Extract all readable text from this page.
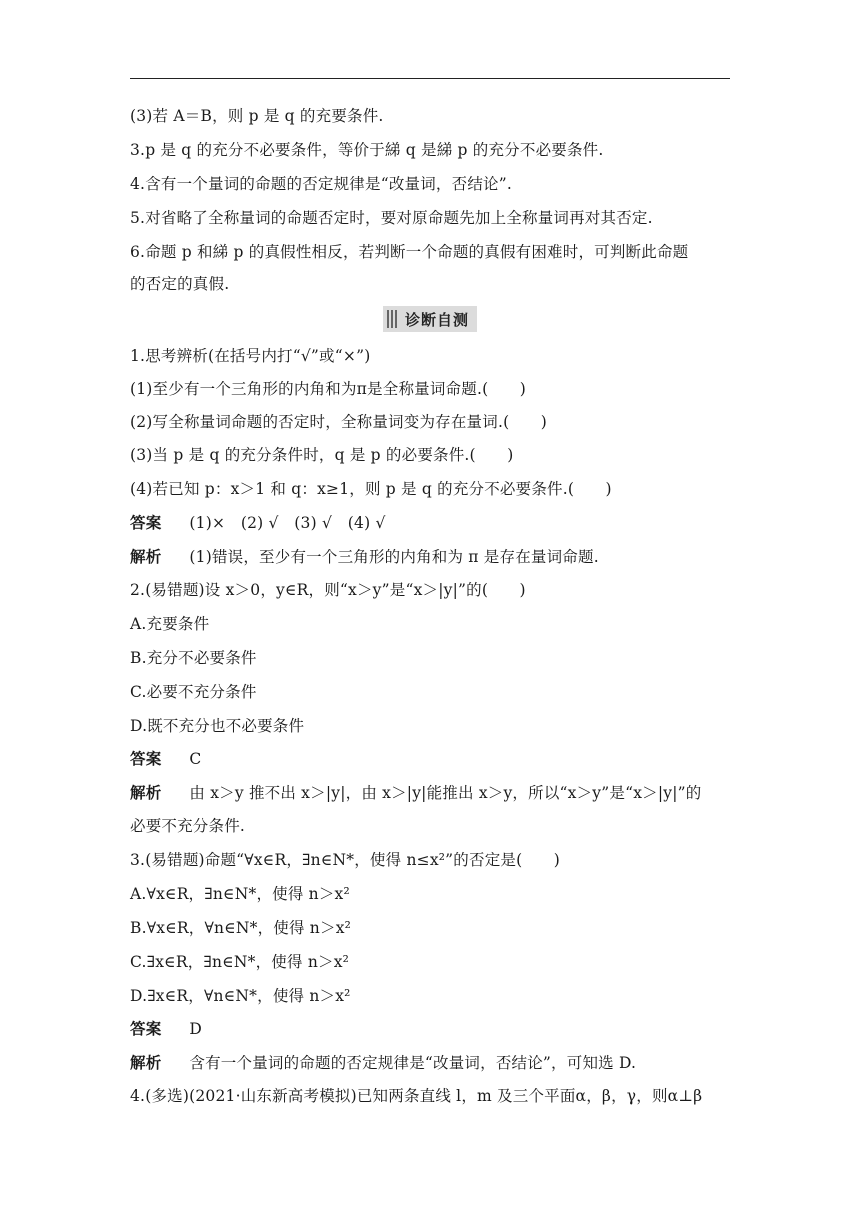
(3)若 A＝B，则 p 是 q 的充要条件.
3.p 是 q 的充分不必要条件，等价于綈 q 是綈 p 的充分不必要条件.
4.含有一个量词的命题的否定规律是“改量词，否结论”.
5.对省略了全称量词的命题否定时，要对原命题先加上全称量词再对其否定.
6.命题 p 和綈 p 的真假性相反，若判断一个命题的真假有困难时，可判断此命题
的否定的真假.
诊断自测
1.思考辨析(在括号内打“√”或“×”)
(1)至少有一个三角形的内角和为π是全称量词命题.(　　)
(2)写全称量词命题的否定时，全称量词变为存在量词.(　　)
(3)当 p 是 q 的充分条件时，q 是 p 的必要条件.(　　)
(4)若已知 p：x＞1 和 q：x≥1，则 p 是 q 的充分不必要条件.(　　)
答案 (1)×　(2) √　(3) √　(4) √
解析 (1)错误，至少有一个三角形的内角和为 π 是存在量词命题.
2.(易错题)设 x＞0，y∈R，则“x＞y”是“x＞|y|”的(　　)
A.充要条件
B.充分不必要条件
C.必要不充分条件
D.既不充分也不必要条件
答案 C
解析 由 x＞y 推不出 x＞|y|，由 x＞|y|能推出 x＞y，所以“x＞y”是“x＞|y|”的
必要不充分条件.
3.(易错题)命题“∀x∈R，∃n∈N*，使得 n≤x²”的否定是(　　)
A.∀x∈R，∃n∈N*，使得 n＞x²
B.∀x∈R，∀n∈N*，使得 n＞x²
C.∃x∈R，∃n∈N*，使得 n＞x²
D.∃x∈R，∀n∈N*，使得 n＞x²
答案 D
解析 含有一个量词的命题的否定规律是“改量词，否结论”，可知选 D.
4.(多选)(2021·山东新高考模拟)已知两条直线 l，m 及三个平面α，β，γ，则α⊥β
